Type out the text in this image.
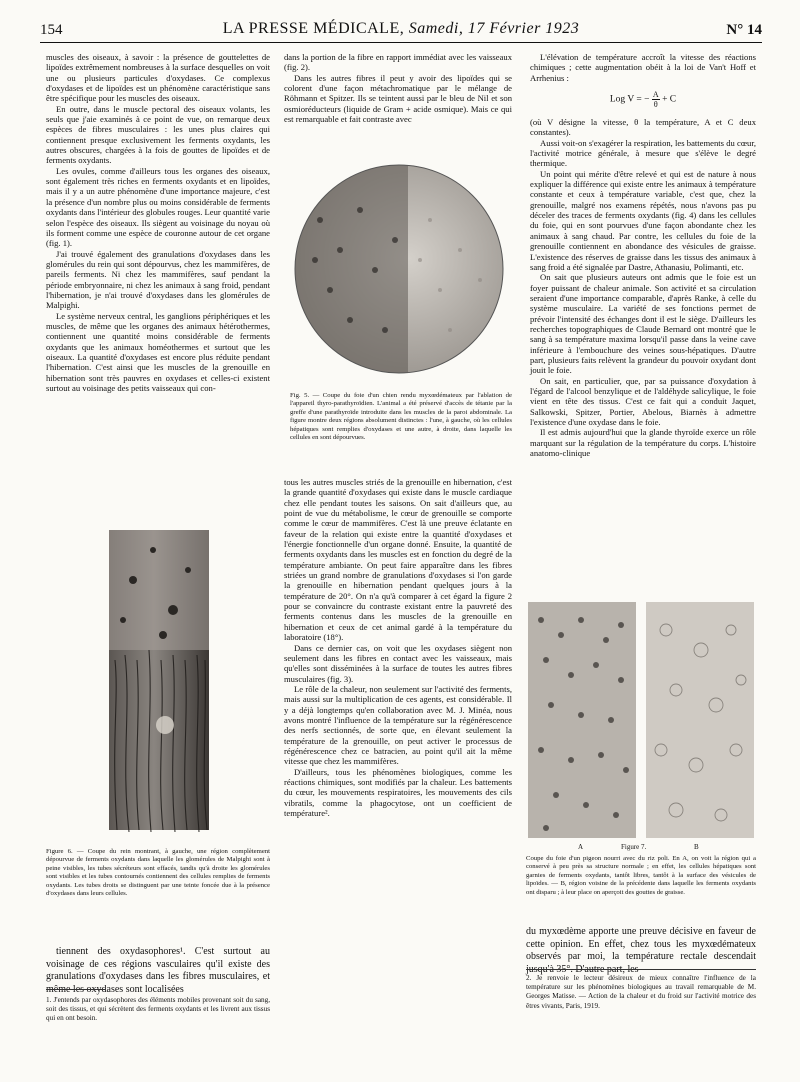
154	LA PRESSE MÉDICALE, Samedi, 17 Février 1923	N° 14

muscles des oiseaux, à savoir : la présence de gouttelettes de lipoïdes extrêmement nombreuses à la surface desquelles on voit une ou plusieurs particules d'oxydases. Ce complexus d'oxydases et de lipoïdes est un phénomène caractéristique sans être spécifique pour les muscles des oiseaux.

En outre, dans le muscle pectoral des oiseaux volants, les seuls que j'aie examinés à ce point de vue, on remarque deux espèces de fibres musculaires : les unes plus claires qui contiennent presque exclusivement les ferments oxydants, les autres obscures, chargées à la fois de gouttes de lipoïdes et de ferments oxydants.

Les ovules, comme d'ailleurs tous les organes des oiseaux, sont également très riches en ferments oxydants et en lipoïdes, mais il y a un autre phénomène d'une importance majeure, c'est la présence d'un nombre plus ou moins considérable de ferments oxydants dans l'intérieur des globules rouges. Leur quantité varie selon l'espèce des oiseaux. Ils siègent au voisinage du noyau où ils forment comme une espèce de couronne autour de cet organe (fig. 1).

J'ai trouvé également des granulations d'oxydases dans les glomérules du rein qui sont dépourvus, chez les mammifères, de pareils ferments. Ni chez les mammifères, sauf pendant la période embryonnaire, ni chez les animaux à sang froid, pendant l'hibernation, je n'ai trouvé d'oxydases dans les glomérules de Malpighi.

Le système nerveux central, les ganglions périphériques et les muscles, de même que les organes des animaux hétérothermes, contiennent une quantité moins considérable de ferments oxydants que les animaux homéothermes et surtout que les oiseaux. La quantité d'oxydases est encore plus réduite pendant l'hibernation. C'est ainsi que les muscles de la grenouille en hibernation sont très pauvres en oxydases et celles-ci existent surtout au voisinage des petits vaisseaux qui con-

Figure 6. — Coupe du rein montrant, à gauche, une région complètement dépourvue de ferments oxydants dans laquelle les glomérules de Malpighi sont à peine visibles, les tubes sécréteurs sont effacés, tandis qu'à droite les glomérules sont visibles et les tubes contournés contiennent des cellules remplies de ferments oxydants. Les tubes droits se distinguent par une teinte foncée due à la présence d'oxydases dans leurs cellules.

tiennent des oxydasophores¹. C'est surtout au voisinage de ces régions vasculaires qu'il existe des granulations d'oxydases dans les fibres musculaires, et même les oxydases sont localisées

1. J'entends par oxydasophores des éléments mobiles provenant soit du sang, soit des tissus, et qui sécrètent des ferments oxydants et les livrent aux tissus qui en ont besoin.

dans la portion de la fibre en rapport immédiat avec les vaisseaux (fig. 2).

Dans les autres fibres il peut y avoir des lipoïdes qui se colorent d'une façon métachromatique par le mélange de Röhmann et Spitzer. Ils se teintent aussi par le bleu de Nil et son osmioréducteurs (liquide de Gram + acide osmique). Mais ce qui est remarquable et fait contraste avec

Fig. 5. — Coupe du foie d'un chien rendu myxœdémateux par l'ablation de l'appareil thyro-parathyroïdien. L'animal a été préservé d'accès de tétanie par la greffe d'une parathyroïde introduite dans les muscles de la paroi abdominale. La figure montre deux régions absolument distinctes : l'une, à gauche, où les cellules hépatiques sont remplies d'oxydases et une autre, à droite, dans laquelle les cellules en sont dépourvues.

tous les autres muscles striés de la grenouille en hibernation, c'est la grande quantité d'oxydases qui existe dans le muscle cardiaque chez elle pendant toutes les saisons. On sait d'ailleurs que, au point de vue du métabolisme, le cœur de grenouille se comporte comme le cœur de mammifères. C'est là une preuve éclatante en faveur de la relation qui existe entre la quantité d'oxydases et l'énergie fonctionnelle d'un organe donné. Ensuite, la quantité de ferments oxydants dans les muscles est en fonction du degré de la température ambiante. On peut faire apparaître dans les fibres striées un grand nombre de granulations d'oxydases si l'on garde la grenouille en hibernation pendant quelques jours à la température de 20°. On n'a qu'à comparer à cet égard la figure 2 pour se convaincre du contraste existant entre la pauvreté des ferments contenus dans les muscles de la grenouille en hibernation et ceux de cet animal gardé à la température du laboratoire (18°).

Dans ce dernier cas, on voit que les oxydases siègent non seulement dans les fibres en contact avec les vaisseaux, mais qu'elles sont disséminées à la surface de toutes les autres fibres musculaires (fig. 3).

Le rôle de la chaleur, non seulement sur l'activité des ferments, mais aussi sur la multiplication de ces agents, est considérable. Il y a déjà longtemps qu'en collaboration avec M. J. Minéa, nous avons montré l'influence de la température sur la régénérescence des nerfs sectionnés, de sorte que, en élevant seulement la température de la grenouille, on peut activer le processus de régénérescence chez ce batracien, au point qu'il ait la même vitesse que chez les mammifères.

D'ailleurs, tous les phénomènes biologiques, comme les réactions chimiques, sont modifiés par la chaleur. Les battements du cœur, les mouvements respiratoires, les mouvements des cils vibratils, comme la phagocytose, ont un coefficient de température².

L'élévation de température accroît la vitesse des réactions chimiques ; cette augmentation obéit à la loi de Van't Hoff et Arrhenius :

Log V = − $\frac{A}{\theta} + C$

(où V désigne la vitesse, θ la température, A et C deux constantes).

Aussi voit-on s'exagérer la respiration, les battements du cœur, l'activité motrice générale, à mesure que s'élève le degré thermique.

Un point qui mérite d'être relevé et qui est de nature à nous expliquer la différence qui existe entre les animaux à température constante et ceux à température variable, c'est que, chez la grenouille, malgré nos examens répétés, nous n'avons pas pu déceler des traces de ferments oxydants (fig. 4) dans les cellules du foie, qui en sont pourvues d'une façon abondante chez les animaux à sang chaud. Par contre, les cellules du foie de la grenouille contiennent en abondance des vésicules de graisse. L'existence des réserves de graisse dans les tissus des animaux à sang froid a été signalée par Dastre, Athanasiu, Polimanti, etc.

On sait que plusieurs auteurs ont admis que le foie est un foyer puissant de chaleur animale. Son activité et sa circulation seraient d'une importance comparable, d'après Ranke, à celle du système musculaire. La variété de ses fonctions permet de prévoir l'intensité des échanges dont il est le siège. D'ailleurs les recherches topographiques de Claude Bernard ont montré que le sang à sa température maxima lorsqu'il passe dans la veine cave inférieure à l'embouchure des veines sous-hépatiques. D'autre part, plusieurs faits relèvent la grandeur du pouvoir oxydant dont jouit le foie.

On sait, en particulier, que, par sa puissance d'oxydation à l'égard de l'alcool benzylique et de l'aldéhyde salicylique, le foie vient en tête des tissus. C'est ce fait qui a conduit Jaquet, Salkowski, Spitzer, Portier, Abelous, Biarnès à admettre l'existence d'une oxydase dans le foie.

Il est admis aujourd'hui que la glande thyroïde exerce un rôle marquant sur la régulation de la température du corps. L'histoire anatomo-clinique

A	Figure 7.	B
Coupe du foie d'un pigeon nourri avec du riz poli. En A, on voit la région qui a conservé à peu près sa structure normale ; en effet, les cellules hépatiques sont garnies de ferments oxydants, tantôt libres, tantôt à la surface des vésicules de lipoïdes. — B, région voisine de la précédente dans laquelle les ferments oxydants ont disparu ; à leur place on aperçoit des gouttes de graisse.

du myxœdème apporte une preuve décisive en faveur de cette opinion. En effet, chez tous les myxœdémateux observés par moi, la température rectale descendait jusqu'à 35°. D'autre part, les

2. Je renvoie le lecteur désireux de mieux connaître l'influence de la température sur les phénomènes biologiques au travail remarquable de M. Georges Matisse. — Action de la chaleur et du froid sur l'activité motrice des êtres vivants, Paris, 1919.
